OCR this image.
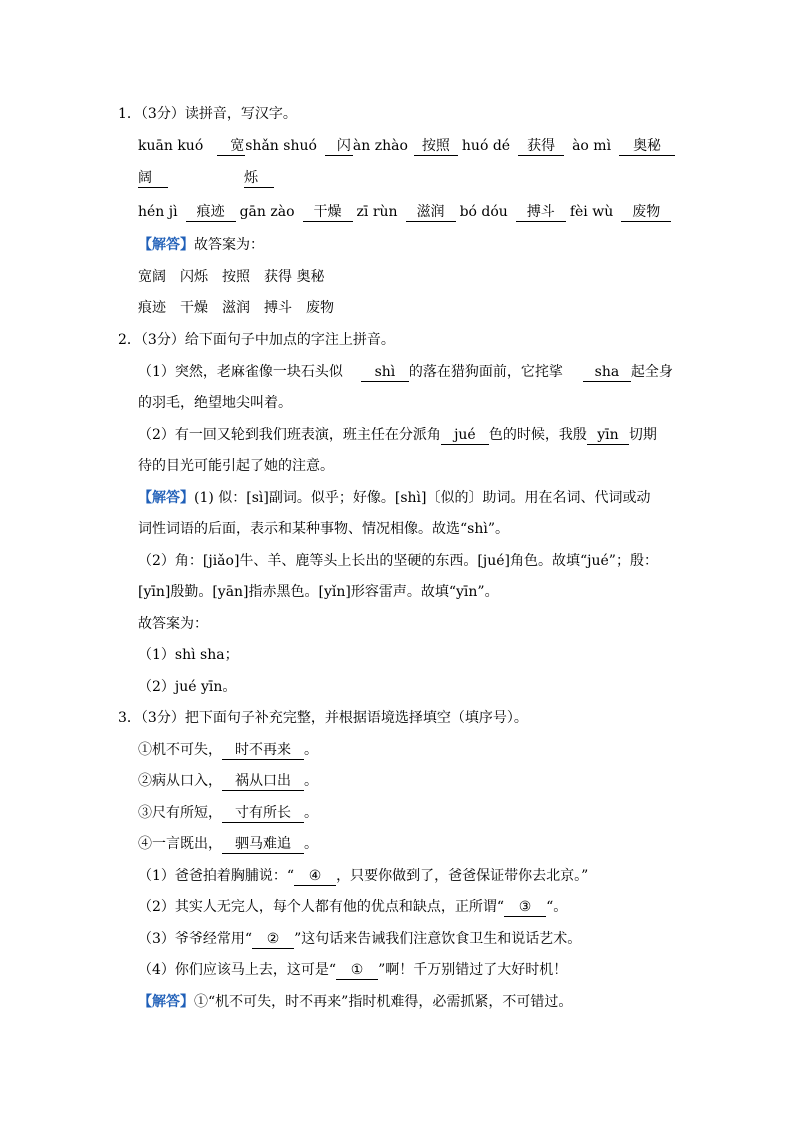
1．（3分）读拼音，写汉字。
kuān kuó 宽shǎn shuó 闪 àn zhào 按照 huó dé 获得 ào mì 奥秘
阔	烁
hén jì 痕迹 gān zào 干燥 zī rùn 滋润 bó dóu 搏斗 fèi wù 废物
【解答】故答案为：
宽阔　闪烁　按照　获得 奥秘
痕迹　干燥　滋润　搏斗　废物
2．（3分）给下面句子中加点的字注上拼音。
（1）突然，老麻雀像一块石头似 shì 的落在猎狗面前，它挓挲 sha 起全身
的羽毛，绝望地尖叫着。
（2）有一回又轮到我们班表演，班主任在分派角 jué 色的时候，我殷 yīn 切期
待的目光可能引起了她的注意。
【解答】(1) 似：[sì]副词。似乎；好像。[shì]〔似的〕助词。用在名词、代词或动
词性词语的后面，表示和某种事物、情况相像。故选“shì”。
（2）角：[jiǎo]牛、羊、鹿等头上长出的坚硬的东西。[jué]角色。故填“jué”；殷：
[yīn]殷勤。[yān]指赤黑色。[yǐn]形容雷声。故填“yīn”。
故答案为：
（1）shì sha；
（2）jué yīn。
3．（3分）把下面句子补充完整，并根据语境选择填空（填序号）。
①机不可失， 时不再来 。
②病从口入， 祸从口出 。
③尺有所短， 寸有所长 。
④一言既出， 驷马难追 。
（1）爸爸拍着胸脯说：“ ④ ，只要你做到了，爸爸保证带你去北京。”
（2）其实人无完人，每个人都有他的优点和缺点，正所谓“ ③ “。
（3）爷爷经常用“ ② ”这句话来告诫我们注意饮食卫生和说话艺术。
（4）你们应该马上去，这可是“ ① ”啊！千万别错过了大好时机！
【解答】①“机不可失，时不再来”指时机难得，必需抓紧，不可错过。
